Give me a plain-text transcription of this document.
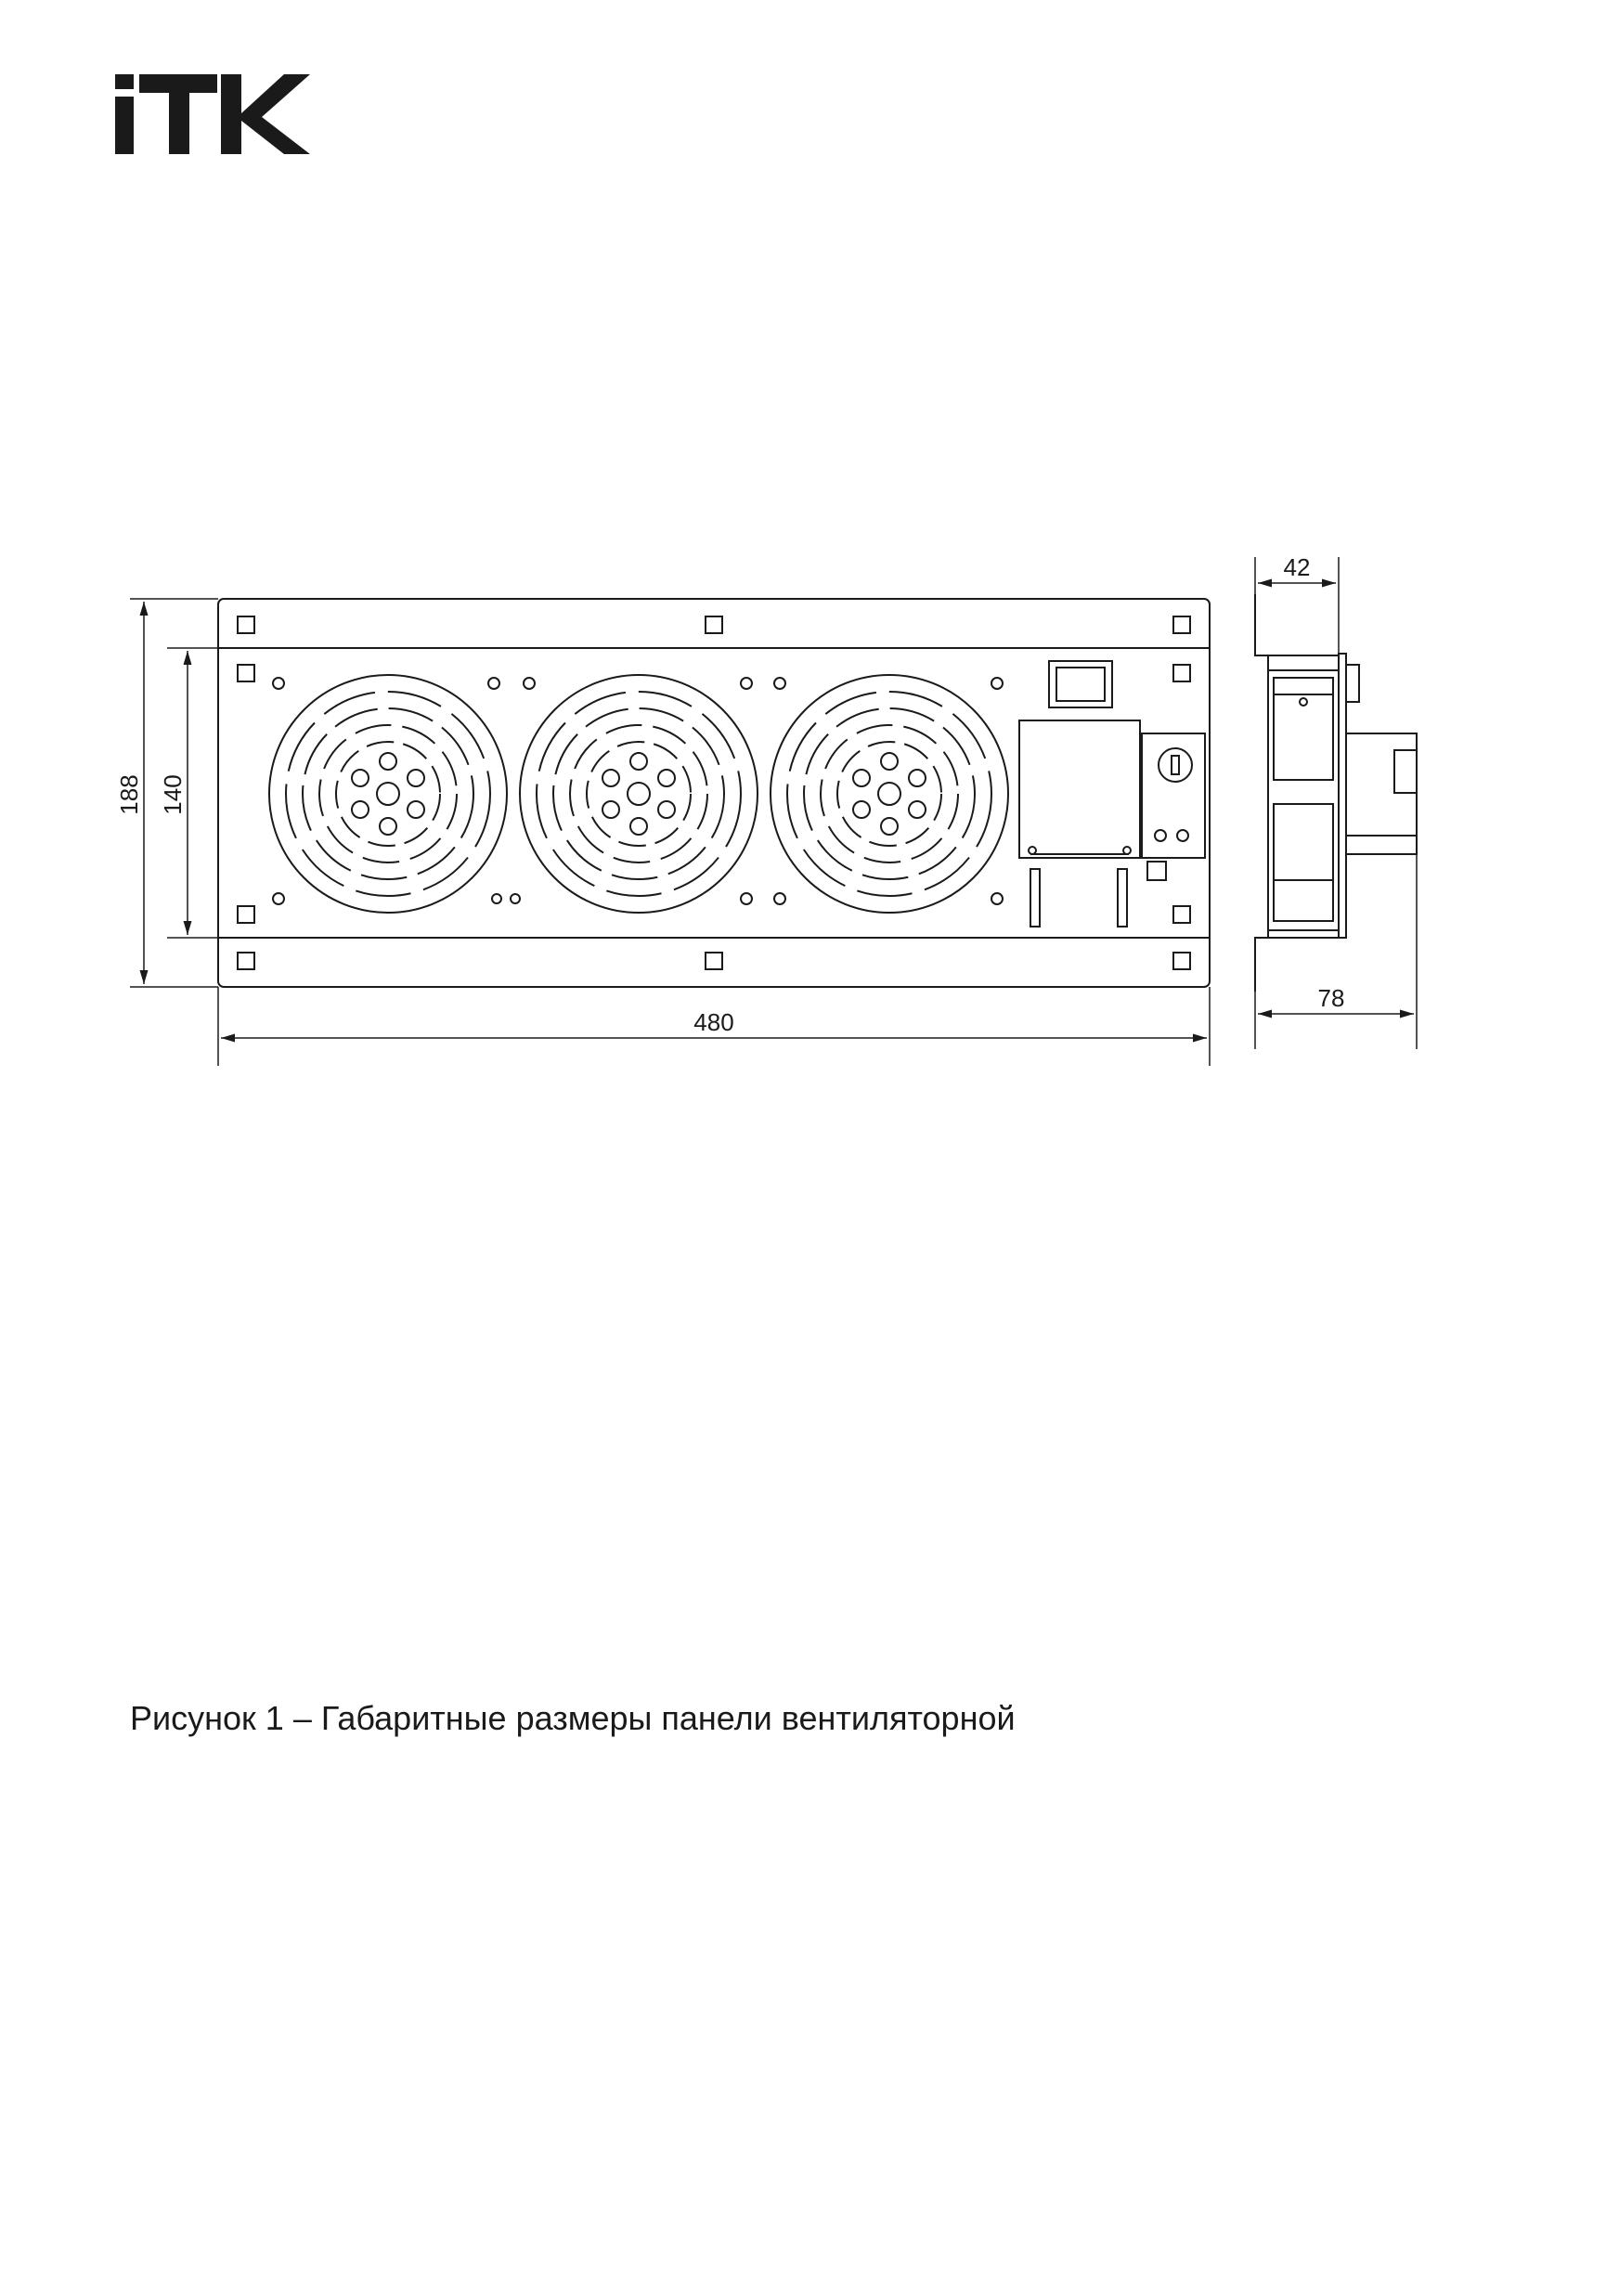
188 140
480
42
78
Рисунок 1 – Габаритные размеры панели вентиляторной
